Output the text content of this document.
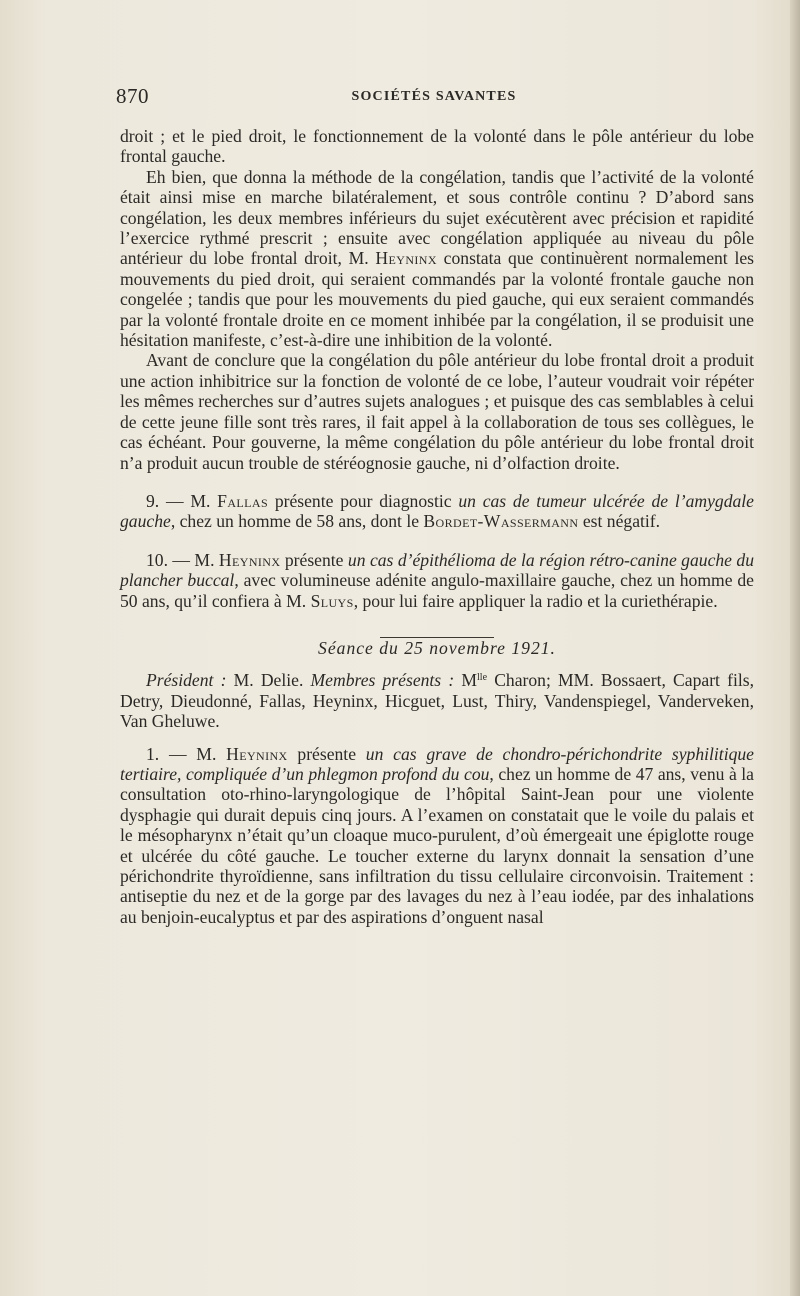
870	SOCIÉTÉS SAVANTES

droit ; et le pied droit, le fonctionnement de la volonté dans le pôle antérieur du lobe frontal gauche.

Eh bien, que donna la méthode de la congélation, tandis que l’activité de la volonté était ainsi mise en marche bilatéralement, et sous contrôle continu ? D’abord sans congélation, les deux membres inférieurs du sujet exécutèrent avec précision et rapidité l’exercice rythmé prescrit ; ensuite avec congélation appliquée au niveau du pôle antérieur du lobe frontal droit, M. Heyninx constata que continuèrent normalement les mouvements du pied droit, qui seraient commandés par la volonté frontale gauche non congelée ; tandis que pour les mouvements du pied gauche, qui eux seraient commandés par la volonté frontale droite en ce moment inhibée par la congélation, il se produisit une hésitation manifeste, c’est-à-dire une inhibition de la volonté.

Avant de conclure que la congélation du pôle antérieur du lobe frontal droit a produit une action inhibitrice sur la fonction de volonté de ce lobe, l’auteur voudrait voir répéter les mêmes recherches sur d’autres sujets analogues ; et puisque des cas semblables à celui de cette jeune fille sont très rares, il fait appel à la collaboration de tous ses collègues, le cas échéant. Pour gouverne, la même congélation du pôle antérieur du lobe frontal droit n’a produit aucun trouble de stéréognosie gauche, ni d’olfaction droite.

9. — M. Fallas présente pour diagnostic un cas de tumeur ulcérée de l’amygdale gauche, chez un homme de 58 ans, dont le Bordet-Wassermann est négatif.

10. — M. Heyninx présente un cas d’épithélioma de la région rétro-canine gauche du plancher buccal, avec volumineuse adénite angulo-maxillaire gauche, chez un homme de 50 ans, qu’il confiera à M. Sluys, pour lui faire appliquer la radio et la curiethérapie.

Séance du 25 novembre 1921.

Président : M. Delie. Membres présents : $M^{lle}$ Charon; MM. Bossaert, Capart fils, Detry, Dieudonné, Fallas, Heyninx, Hicguet, Lust, Thiry, Vandenspiegel, Vanderveken, Van Gheluwe.

1. — M. Heyninx présente un cas grave de chondro-périchondrite syphilitique tertiaire, compliquée d’un phlegmon profond du cou, chez un homme de 47 ans, venu à la consultation oto-rhino-laryngologique de l’hôpital Saint-Jean pour une violente dysphagie qui durait depuis cinq jours. A l’examen on constatait que le voile du palais et le mésopharynx n’était qu’un cloaque muco-purulent, d’où émergeait une épiglotte rouge et ulcérée du côté gauche. Le toucher externe du larynx donnait la sensation d’une périchondrite thyroïdienne, sans infiltration du tissu cellulaire circonvoisin. Traitement : antiseptie du nez et de la gorge par des lavages du nez à l’eau iodée, par des inhalations au benjoin-eucalyptus et par des aspirations d’onguent nasal
